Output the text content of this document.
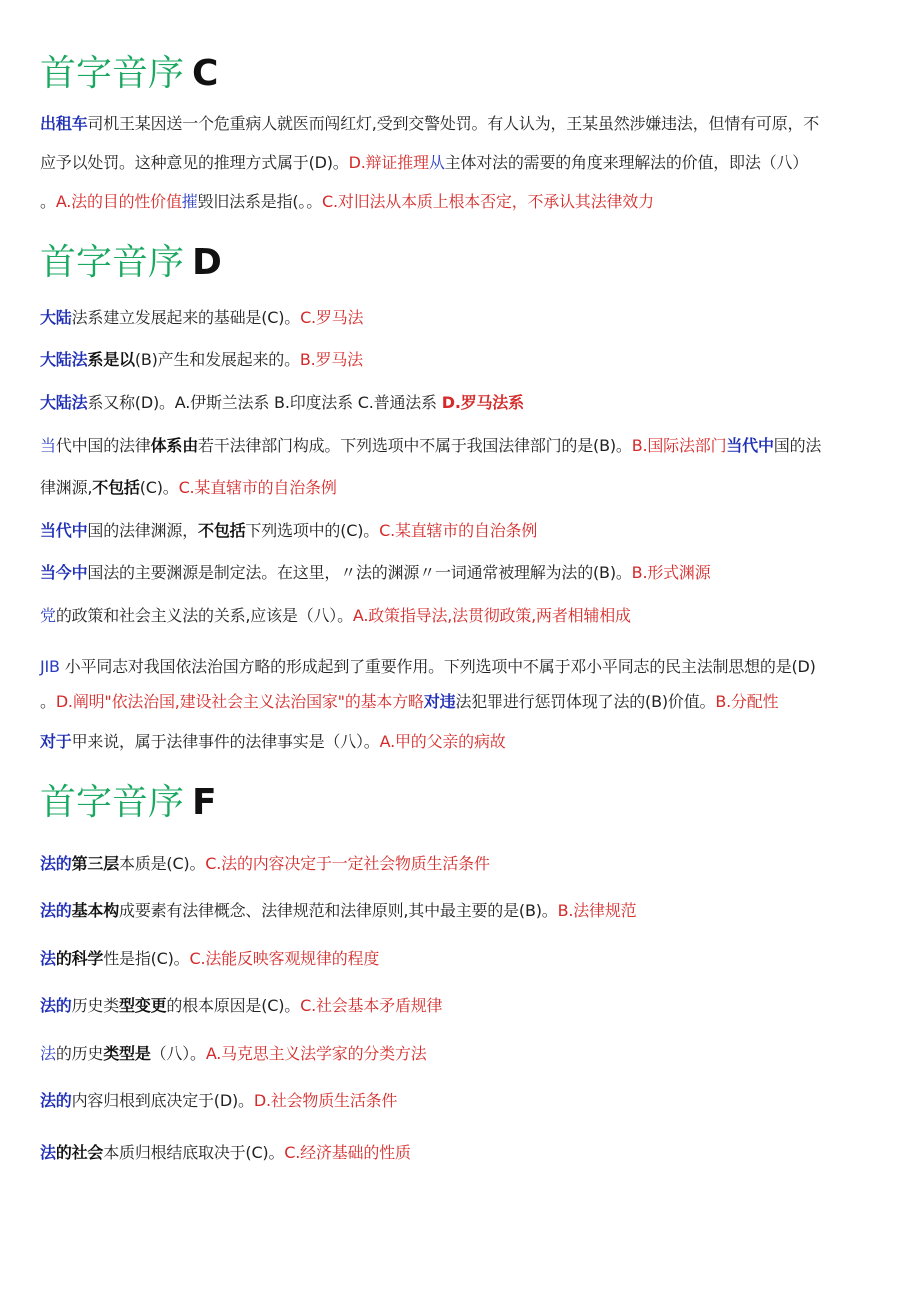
首字音序 C
出租车司机王某因送一个危重病人就医而闯红灯,受到交警处罚。有人认为，王某虽然涉嫌违法，但情有可原，不
应予以处罚。这种意见的推理方式属于(D)。D.辩证推理从主体对法的需要的角度来理解法的价值，即法（八）
。A.法的目的性价值摧毁旧法系是指(。。C.对旧法从本质上根本否定，不承认其法律效力
首字音序 D
大陆法系建立发展起来的基础是(C)。C.罗马法
大陆法系是以(B)产生和发展起来的。B.罗马法
大陆法系又称(D)。A.伊斯兰法系 B.印度法系 C.普通法系 D.罗马法系
当代中国的法律体系由若干法律部门构成。下列选项中不属于我国法律部门的是(B)。B.国际法部门当代中国的法
律渊源,不包括(C)。C.某直辖市的自治条例
当代中国的法律渊源，不包括下列选项中的(C)。C.某直辖市的自治条例
当今中国法的主要渊源是制定法。在这里，〃法的渊源〃一词通常被理解为法的(B)。B.形式渊源
党的政策和社会主义法的关系,应该是（八）。A.政策指导法,法贯彻政策,两者相辅相成
JIB 小平同志对我国依法治国方略的形成起到了重要作用。下列选项中不属于邓小平同志的民主法制思想的是(D)
。D.阐明"依法治国,建设社会主义法治国家"的基本方略对违法犯罪进行惩罚体现了法的(B)价值。B.分配性
对于甲来说，属于法律事件的法律事实是（八）。A.甲的父亲的病故
首字音序 F
法的第三层本质是(C)。C.法的内容决定于一定社会物质生活条件
法的基本构成要素有法律概念、法律规范和法律原则,其中最主要的是(B)。B.法律规范
法的科学性是指(C)。C.法能反映客观规律的程度
法的历史类型变更的根本原因是(C)。C.社会基本矛盾规律
法的历史类型是（八）。A.马克思主义法学家的分类方法
法的内容归根到底决定于(D)。D.社会物质生活条件
法的社会本质归根结底取决于(C)。C.经济基础的性质
